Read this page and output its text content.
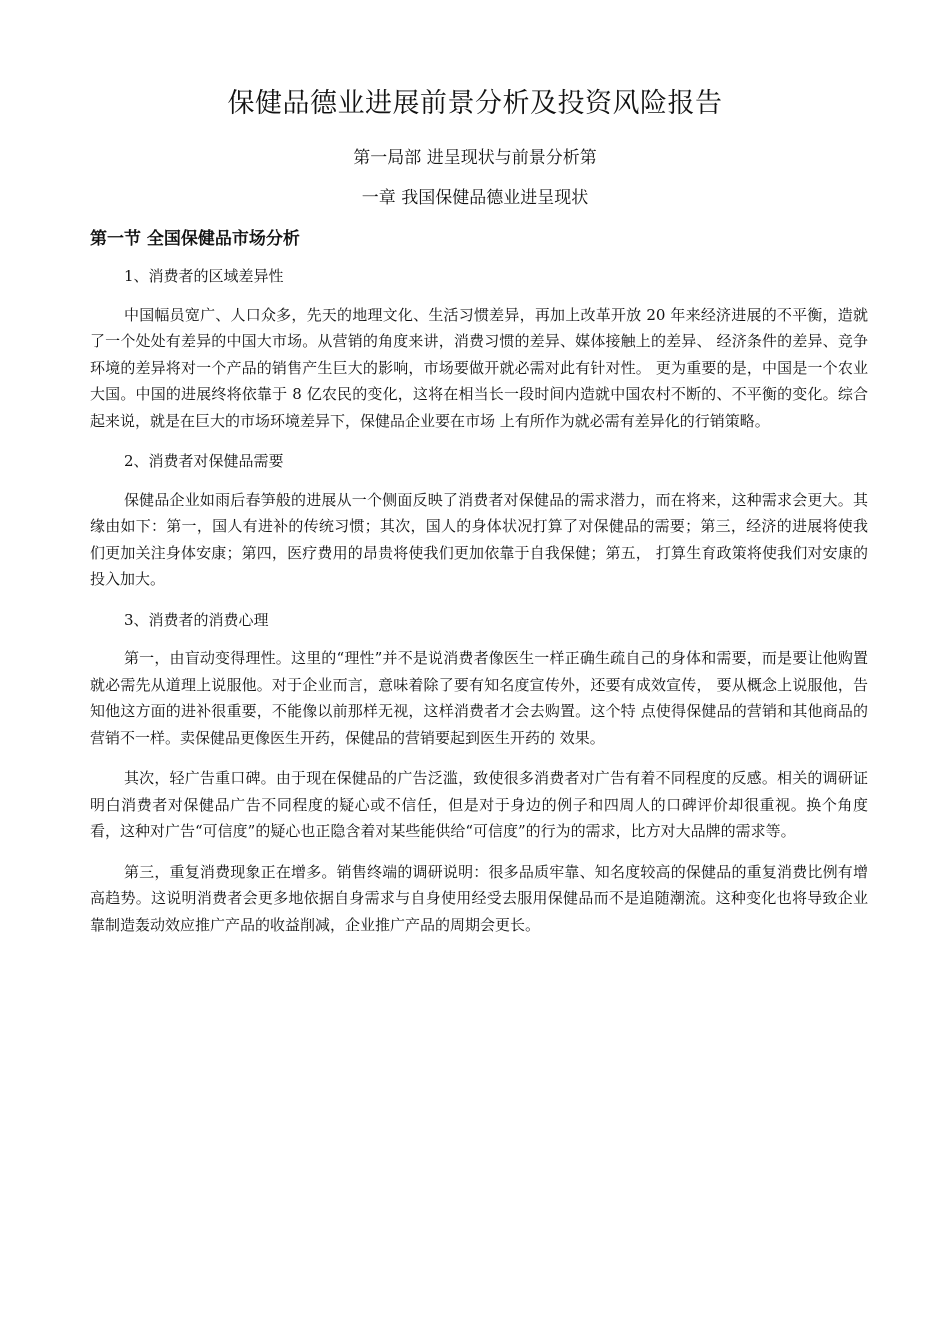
保健品德业进展前景分析及投资风险报告
第一局部 进呈现状与前景分析第
一章 我国保健品德业进呈现状
第一节 全国保健品市场分析

1、消费者的区域差异性

中国幅员宽广、人口众多，先天的地理文化、生活习惯差异，再加上改革开放 20 年来经济进展的不平衡，造就了一个处处有差异的中国大市场。从营销的角度来讲，消费习惯的差异、媒体接触上的差异、 经济条件的差异、竞争环境的差异将对一个产品的销售产生巨大的影响，市场要做开就必需对此有针对性。 更为重要的是，中国是一个农业大国。中国的进展终将依靠于 8 亿农民的变化，这将在相当长一段时间内造就中国农村不断的、不平衡的变化。综合起来说，就是在巨大的市场环境差异下，保健品企业要在市场 上有所作为就必需有差异化的行销策略。

2、消费者对保健品需要

保健品企业如雨后春笋般的进展从一个侧面反映了消费者对保健品的需求潜力，而在将来，这种需求会更大。其缘由如下：第一，国人有进补的传统习惯；其次，国人的身体状况打算了对保健品的需要；第三，经济的进展将使我们更加关注身体安康；第四，医疗费用的昂贵将使我们更加依靠于自我保健；第五， 打算生育政策将使我们对安康的投入加大。

3、消费者的消费心理

第一，由盲动变得理性。这里的“理性”并不是说消费者像医生一样正确生疏自己的身体和需要，而是要让他购置就必需先从道理上说服他。对于企业而言，意味着除了要有知名度宣传外，还要有成效宣传， 要从概念上说服他，告知他这方面的进补很重要，不能像以前那样无视，这样消费者才会去购置。这个特 点使得保健品的营销和其他商品的营销不一样。卖保健品更像医生开药，保健品的营销要起到医生开药的 效果。

其次，轻广告重口碑。由于现在保健品的广告泛滥，致使很多消费者对广告有着不同程度的反感。相关的调研证明白消费者对保健品广告不同程度的疑心或不信任，但是对于身边的例子和四周人的口碑评价却很重视。换个角度看，这种对广告“可信度”的疑心也正隐含着对某些能供给“可信度”的行为的需求，比方对大品牌的需求等。

第三，重复消费现象正在增多。销售终端的调研说明：很多品质牢靠、知名度较高的保健品的重复消费比例有增高趋势。这说明消费者会更多地依据自身需求与自身使用经受去服用保健品而不是追随潮流。这种变化也将导致企业靠制造轰动效应推广产品的收益削减，企业推广产品的周期会更长。
